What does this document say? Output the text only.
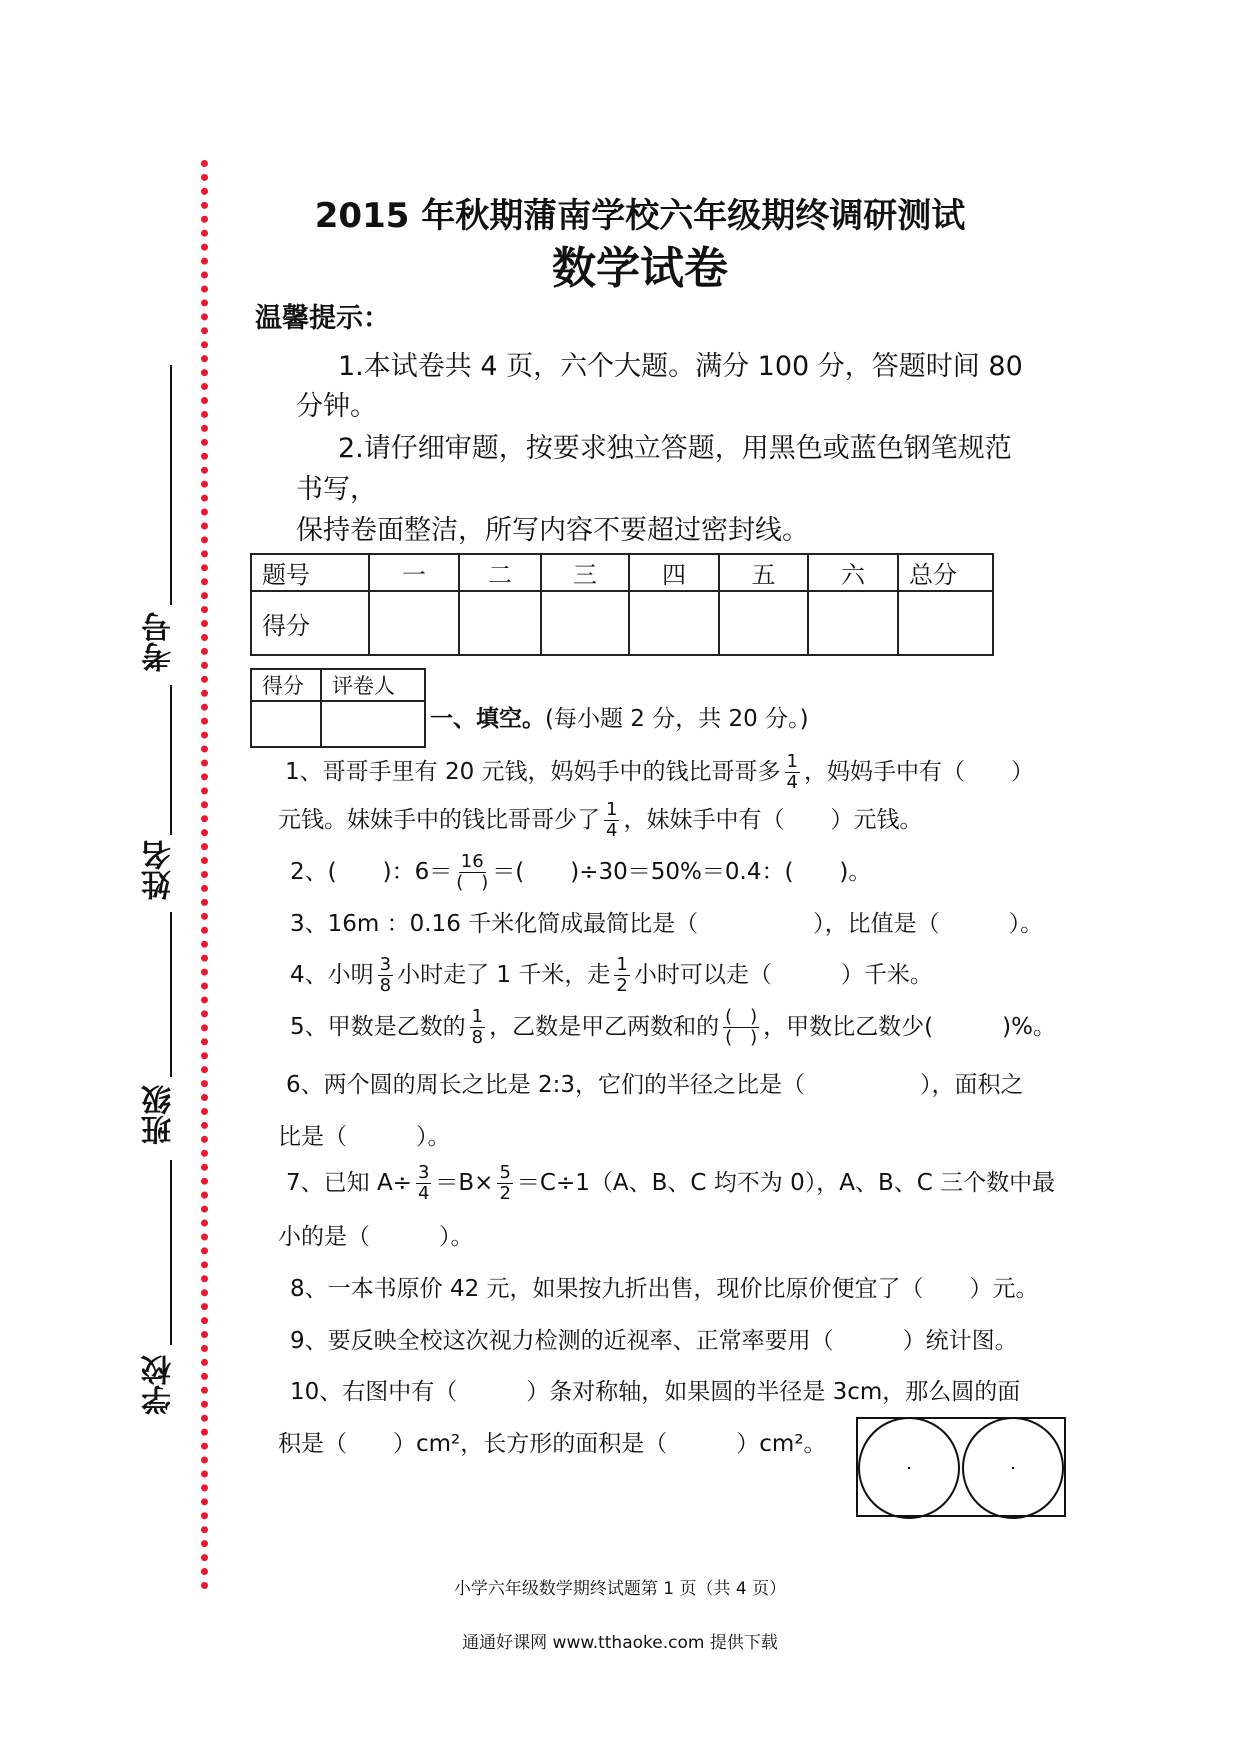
考号
姓名
班级
学校
2015 年秋期蒲南学校六年级期终调研测试
数学试卷
温馨提示：
1.本试卷共 4 页，六个大题。满分 100 分，答题时间 80
分钟。
2.请仔细审题，按要求独立答题，用黑色或蓝色钢笔规范
书写，
保持卷面整洁，所写内容不要超过密封线。
题号	一	二	三	四	五	六	总分
得分							
得分	评卷人

一、填空。(每小题 2 分，共 20 分。)
1、哥哥手里有 20 元钱，妈妈手中的钱比哥哥多 $\frac{1}{4}$ ，妈妈手中有（　　）
元钱。妹妹手中的钱比哥哥少了 $\frac{1}{4}$ ，妹妹手中有（　　）元钱。
2、(　　)：$6= \frac{16}{( )}$ ＝(　　)÷30＝50%＝0.4：(　　)。
3、16m ：0.16 千米化简成最简比是（　　　　　），比值是（　　　）。
4、小明 $\frac{3}{8}$ 小时走了 1 千米，走 $\frac{1}{2}$ 小时可以走（　　　）千米。
5、甲数是乙数的 $\frac{1}{8}$ ，乙数是甲乙两数和的 $\frac{( )}{( )}$ ，甲数比乙数少(　　　)%。
6、两个圆的周长之比是 2:3，它们的半径之比是（　　　　　），面积之
比是（　　　）。
7、已知 $A\div \frac{3}{4} =B\times \frac{5}{2} =C\div 1(A$、B、C 均不为 0），A、B、C 三个数中最
小的是（　　　）。
8、一本书原价 42 元，如果按九折出售，现价比原价便宜了（　　）元。
9、要反映全校这次视力检测的近视率、正常率要用（　　　）统计图。
10、右图中有（　　　）条对称轴，如果圆的半径是 3cm，那么圆的面
积是（　　）cm²，长方形的面积是（　　　）cm²。
小学六年级数学期终试题第 1 页（共 4 页）
通通好课网 www.tthaoke.com 提供下载
